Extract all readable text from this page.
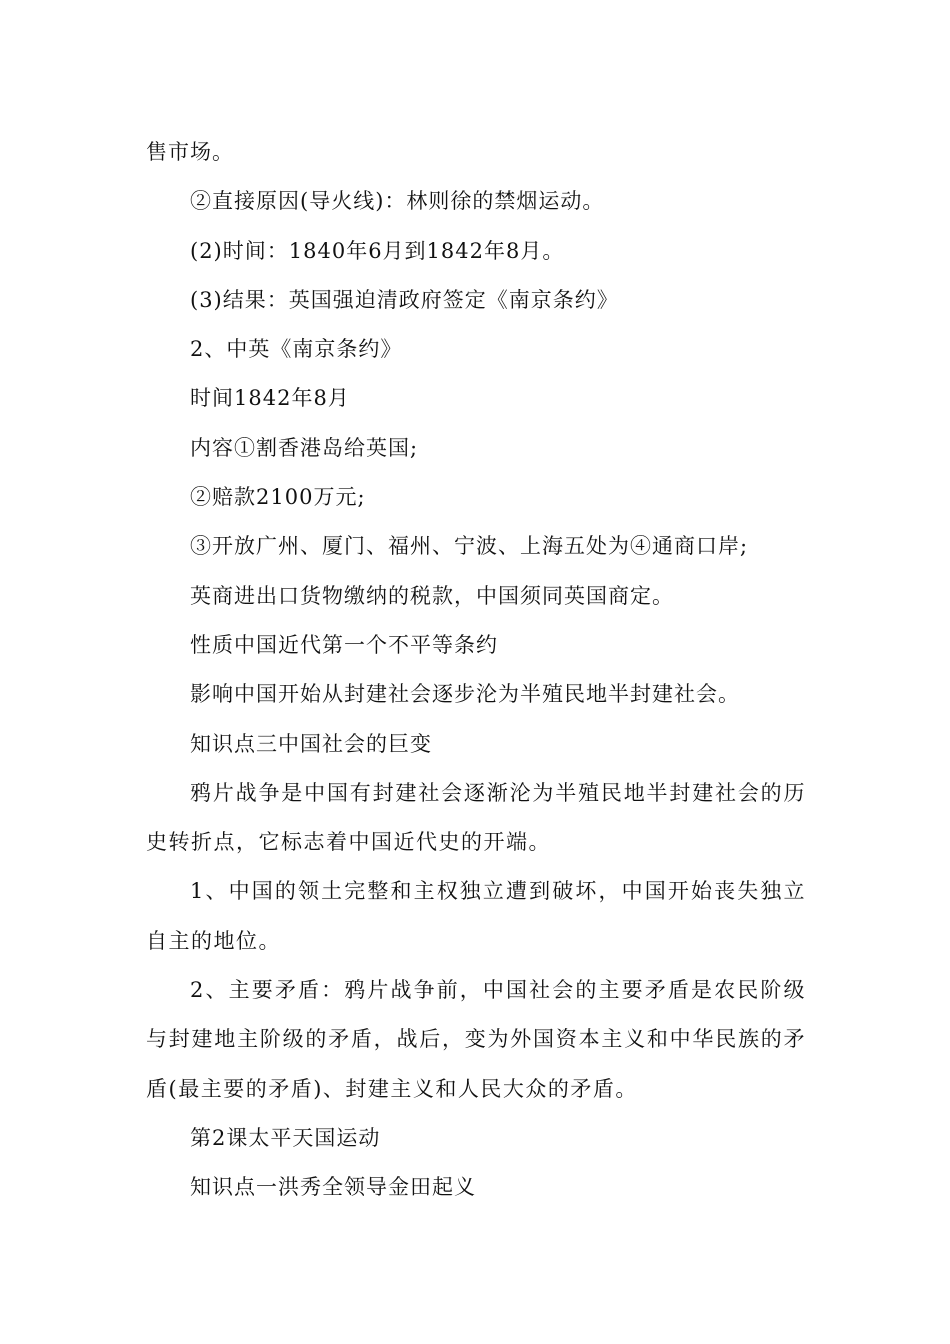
售市场。

②直接原因(导火线)：林则徐的禁烟运动。

(2)时间：1840年6月到1842年8月。

(3)结果：英国强迫清政府签定《南京条约》

2、中英《南京条约》

时间1842年8月

内容①割香港岛给英国;

②赔款2100万元;

③开放广州、厦门、福州、宁波、上海五处为④通商口岸;

英商进出口货物缴纳的税款，中国须同英国商定。

性质中国近代第一个不平等条约

影响中国开始从封建社会逐步沦为半殖民地半封建社会。

知识点三中国社会的巨变

鸦片战争是中国有封建社会逐渐沦为半殖民地半封建社会的历史转折点，它标志着中国近代史的开端。

1、中国的领土完整和主权独立遭到破坏，中国开始丧失独立自主的地位。

2、主要矛盾：鸦片战争前，中国社会的主要矛盾是农民阶级与封建地主阶级的矛盾，战后，变为外国资本主义和中华民族的矛盾(最主要的矛盾)、封建主义和人民大众的矛盾。

第2课太平天国运动

知识点一洪秀全领导金田起义
